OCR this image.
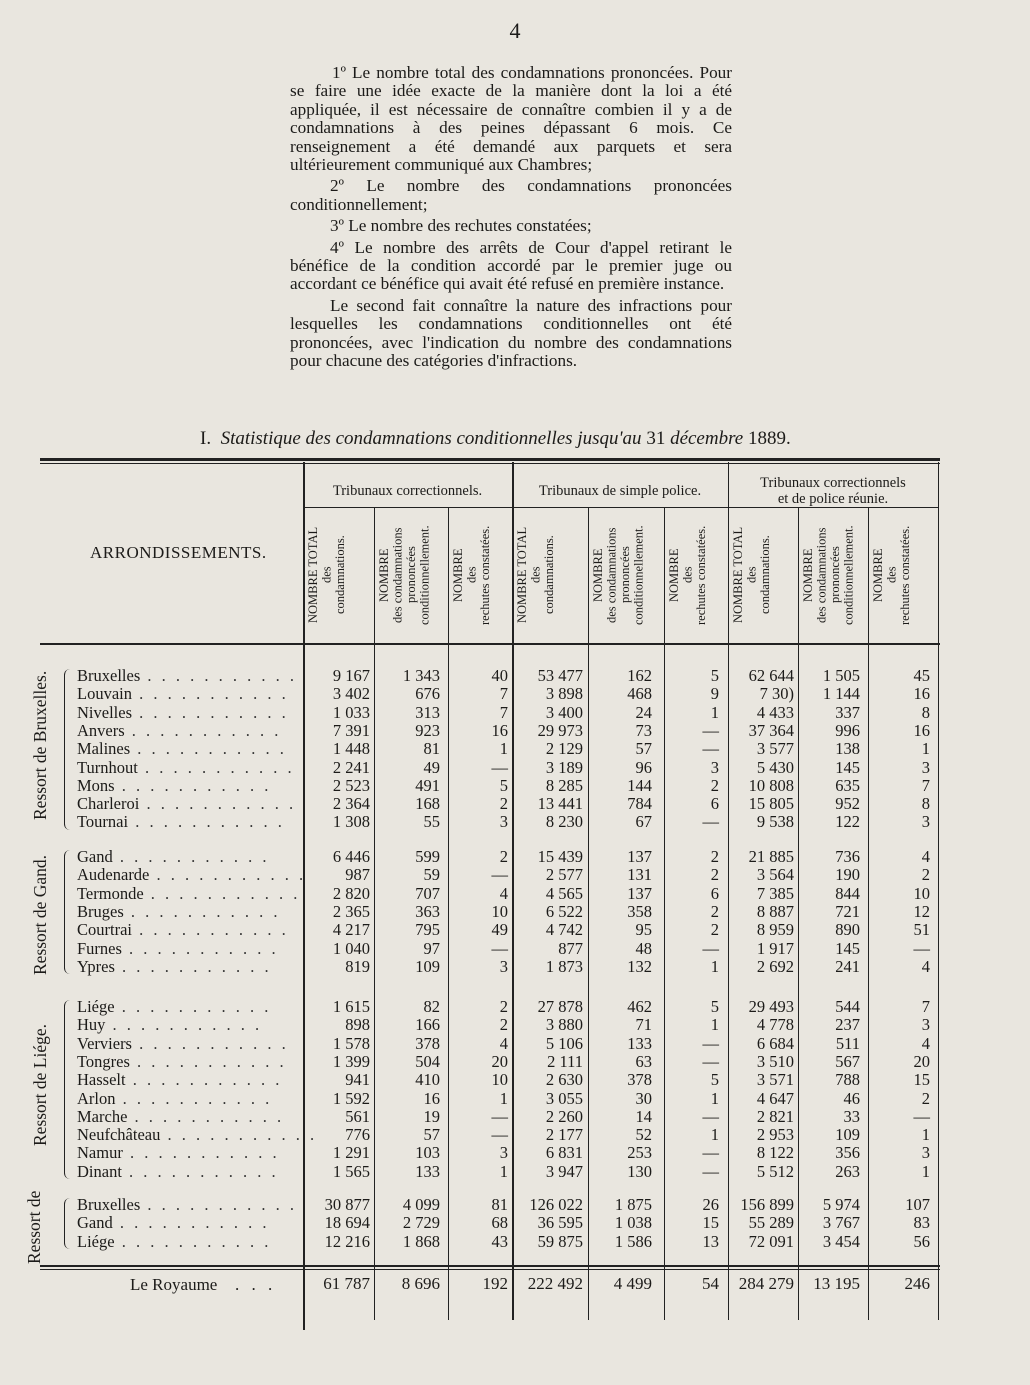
4

1º Le nombre total des condamnations prononcées. Pour se faire une idée exacte de la manière dont la loi a été appliquée, il est nécessaire de connaître combien il y a de condamnations à des peines dépassant 6 mois. Ce renseignement a été demandé aux parquets et sera ultérieurement communiqué aux Chambres;

2º Le nombre des condamnations prononcées conditionnellement;

3º Le nombre des rechutes constatées;

4º Le nombre des arrêts de Cour d'appel retirant le bénéfice de la condition accordé par le premier juge ou accordant ce bénéfice qui avait été refusé en première instance.

Le second fait connaître la nature des infractions pour lesquelles les condamnations conditionnelles ont été prononcées, avec l'indication du nombre des condamnations pour chacune des catégories d'infractions.

I. Statistique des condamnations conditionnelles jusqu'au 31 décembre 1889.
Tribunaux correctionnels.	Tribunaux de simple police.	Tribunaux correctionnels
et de police réunie.
NOMBRE TOTAL
des
condamnations.	NOMBRE
des condamnations
prononcées
conditionnellement.	NOMBRE
des
rechutes constatées.
NOMBRE TOTAL
des
condamnations.	NOMBRE
des condamnations
prononcées
conditionnellement.	NOMBRE
des
rechutes constatées.
NOMBRE TOTAL
des
condamnations.	NOMBRE
des condamnations
prononcées
conditionnellement.	NOMBRE
des
rechutes constatées.
ARRONDISSEMENTS.
Ressort de Bruxelles. Bruxelles . . . . . . . . . . .	9 167	1 343	40	53 477	162	5	62 644	1 505	45
Louvain . . . . . . . . . . .	3 402	676	7	3 898	468	9	7 30)	1 144	16
Nivelles . . . . . . . . . . .	1 033	313	7	3 400	24	1	4 433	337	8
Anvers . . . . . . . . . . .	7 391	923	16	29 973	73	—	37 364	996	16
Malines . . . . . . . . . . .	1 448	81	1	2 129	57	—	3 577	138	1
Turnhout . . . . . . . . . . .	2 241	49	—	3 189	96	3	5 430	145	3
Mons . . . . . . . . . . .	2 523	491	5	8 285	144	2	10 808	635	7
Charleroi . . . . . . . . . . .	2 364	168	2	13 441	784	6	15 805	952	8
Tournai . . . . . . . . . . .	1 308	55	3	8 230	67	—	9 538	122	3
Ressort de Gand. Gand . . . . . . . . . . .	6 446	599	2	15 439	137	2	21 885	736	4
Audenarde . . . . . . . . . . .	987	59	—	2 577	131	2	3 564	190	2
Termonde . . . . . . . . . . .	2 820	707	4	4 565	137	6	7 385	844	10
Bruges . . . . . . . . . . .	2 365	363	10	6 522	358	2	8 887	721	12
Courtrai . . . . . . . . . . .	4 217	795	49	4 742	95	2	8 959	890	51
Furnes . . . . . . . . . . .	1 040	97	—	877	48	—	1 917	145	—
Ypres . . . . . . . . . . .	819	109	3	1 873	132	1	2 692	241	4
Ressort de Liége.
Liége . . . . . . . . . . .	1 615	82	2	27 878	462	5	29 493	544	7
Huy . . . . . . . . . . .	898	166	2	3 880	71	1	4 778	237	3
Verviers . . . . . . . . . . .	1 578	378	4	5 106	133	—	6 684	511	4
Tongres . . . . . . . . . . .	1 399	504	20	2 111	63	—	3 510	567	20
Hasselt . . . . . . . . . . .	941	410	10	2 630	378	5	3 571	788	15
Arlon . . . . . . . . . . .	1 592	16	1	3 055	30	1	4 647	46	2
Marche . . . . . . . . . . .	561	19	—	2 260	14	—	2 821	33	—
Neufchâteau . . . . . . . . . . .	776	57	—	2 177	52	1	2 953	109	1
Namur . . . . . . . . . . .	1 291	103	3	6 831	253	—	8 122	356	3
Dinant . . . . . . . . . . .	1 565	133	1	3 947	130	—	5 512	263	1
Ressort de Bruxelles . . . . . . . . . . .	30 877	4 099	81	126 022	1 875	26	156 899	5 974	107
Gand . . . . . . . . . . .	18 694	2 729	68	36 595	1 038	15	55 289	3 767	83
Liége . . . . . . . . . . .	12 216	1 868	43	59 875	1 586	13	72 091	3 454	56
Le Royaume . . .	61 787	8 696	192	222 492	4 499	54	284 279	13 195	246
